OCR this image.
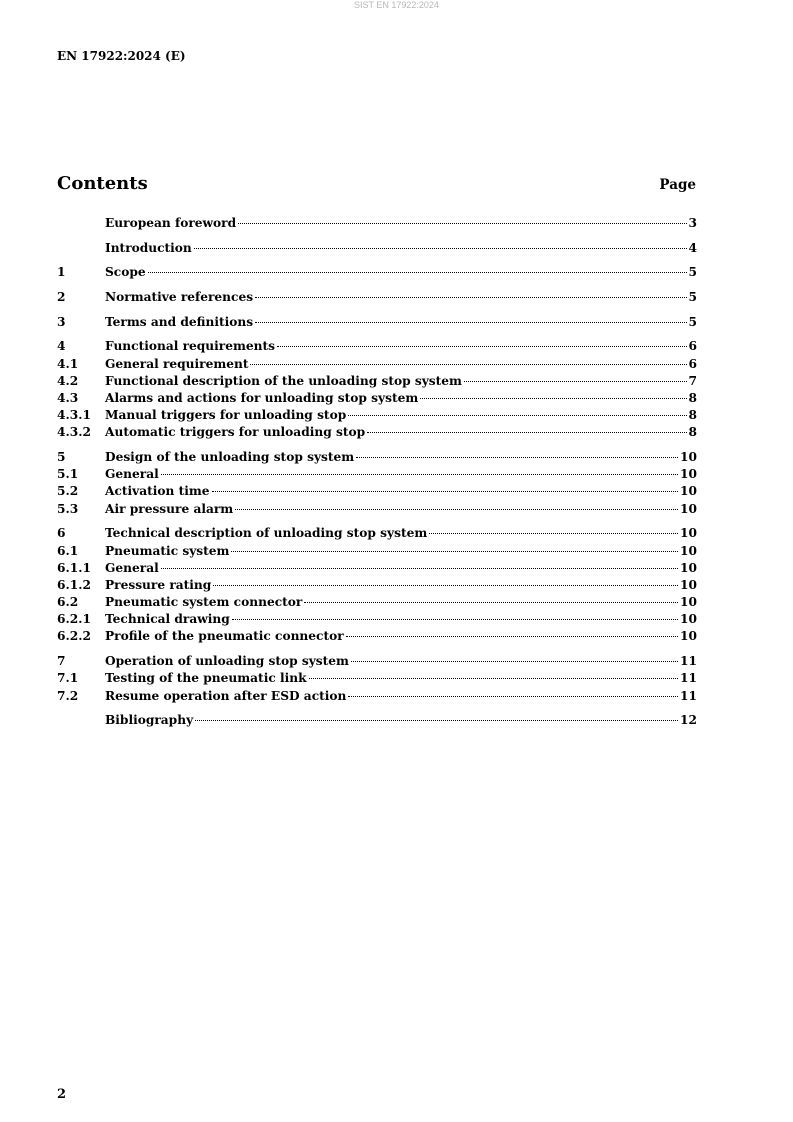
SIST EN 17922:2024
EN 17922:2024 (E)
Contents	Page
European foreword	3
Introduction	4
1	Scope	5
2	Normative references	5
3	Terms and definitions	5
4	Functional requirements	6
4.1	General requirement	6
4.2	Functional description of the unloading stop system	7
4.3	Alarms and actions for unloading stop system	8
4.3.1	Manual triggers for unloading stop	8
4.3.2	Automatic triggers for unloading stop	8
5	Design of the unloading stop system	10
5.1	General	10
5.2	Activation time	10
5.3	Air pressure alarm	10
6	Technical description of unloading stop system	10
6.1	Pneumatic system	10
6.1.1	General	10
6.1.2	Pressure rating	10
6.2	Pneumatic system connector	10
6.2.1	Technical drawing	10
6.2.2	Profile of the pneumatic connector	10
7	Operation of unloading stop system	11
7.1	Testing of the pneumatic link	11
7.2	Resume operation after ESD action	11
Bibliography	12
2
